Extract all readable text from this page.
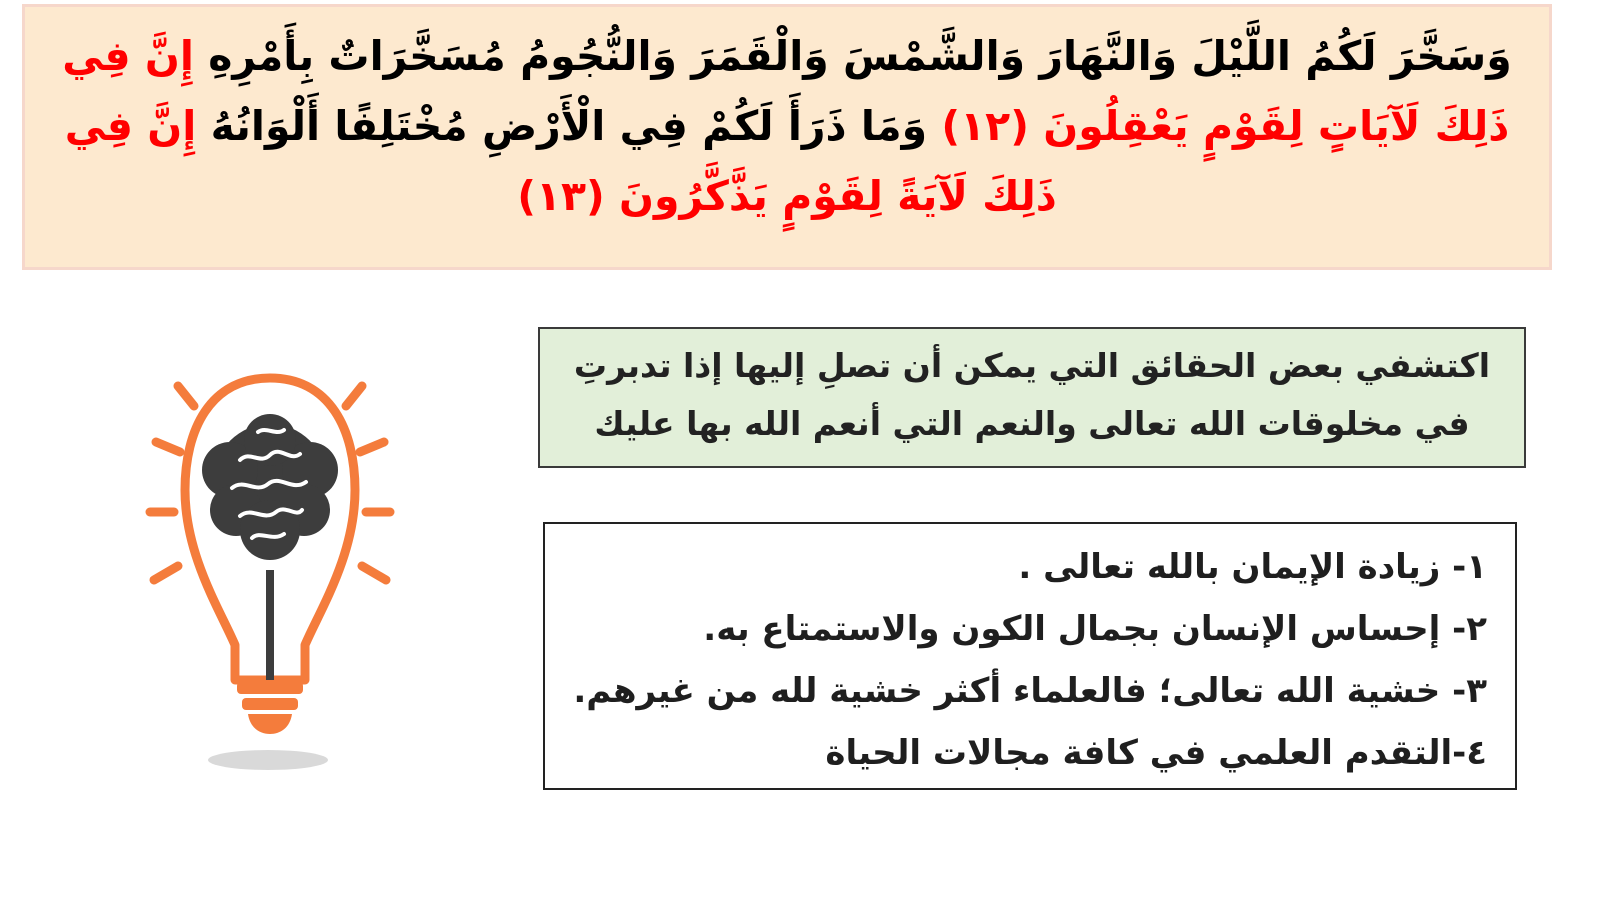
وَسَخَّرَ لَكُمُ اللَّيْلَ وَالنَّهَارَ وَالشَّمْسَ وَالْقَمَرَ وَالنُّجُومُ مُسَخَّرَاتٌ بِأَمْرِهِ إِنَّ فِي ذَلِكَ لَآيَاتٍ لِقَوْمٍ يَعْقِلُونَ (١٢) وَمَا ذَرَأَ لَكُمْ فِي الْأَرْضِ مُخْتَلِفًا أَلْوَانُهُ إِنَّ فِي ذَلِكَ لَآيَةً لِقَوْمٍ يَذَّكَّرُونَ (١٣)
اكتشفي بعض الحقائق التي يمكن أن تصلِ إليها إذا تدبرتِ في مخلوقات الله تعالى والنعم التي أنعم الله بها عليك
١- زيادة الإيمان بالله تعالى .
٢- إحساس الإنسان بجمال الكون والاستمتاع به.
٣- خشية الله تعالى؛ فالعلماء أكثر خشية لله من غيرهم.
٤-التقدم العلمي في كافة مجالات الحياة
